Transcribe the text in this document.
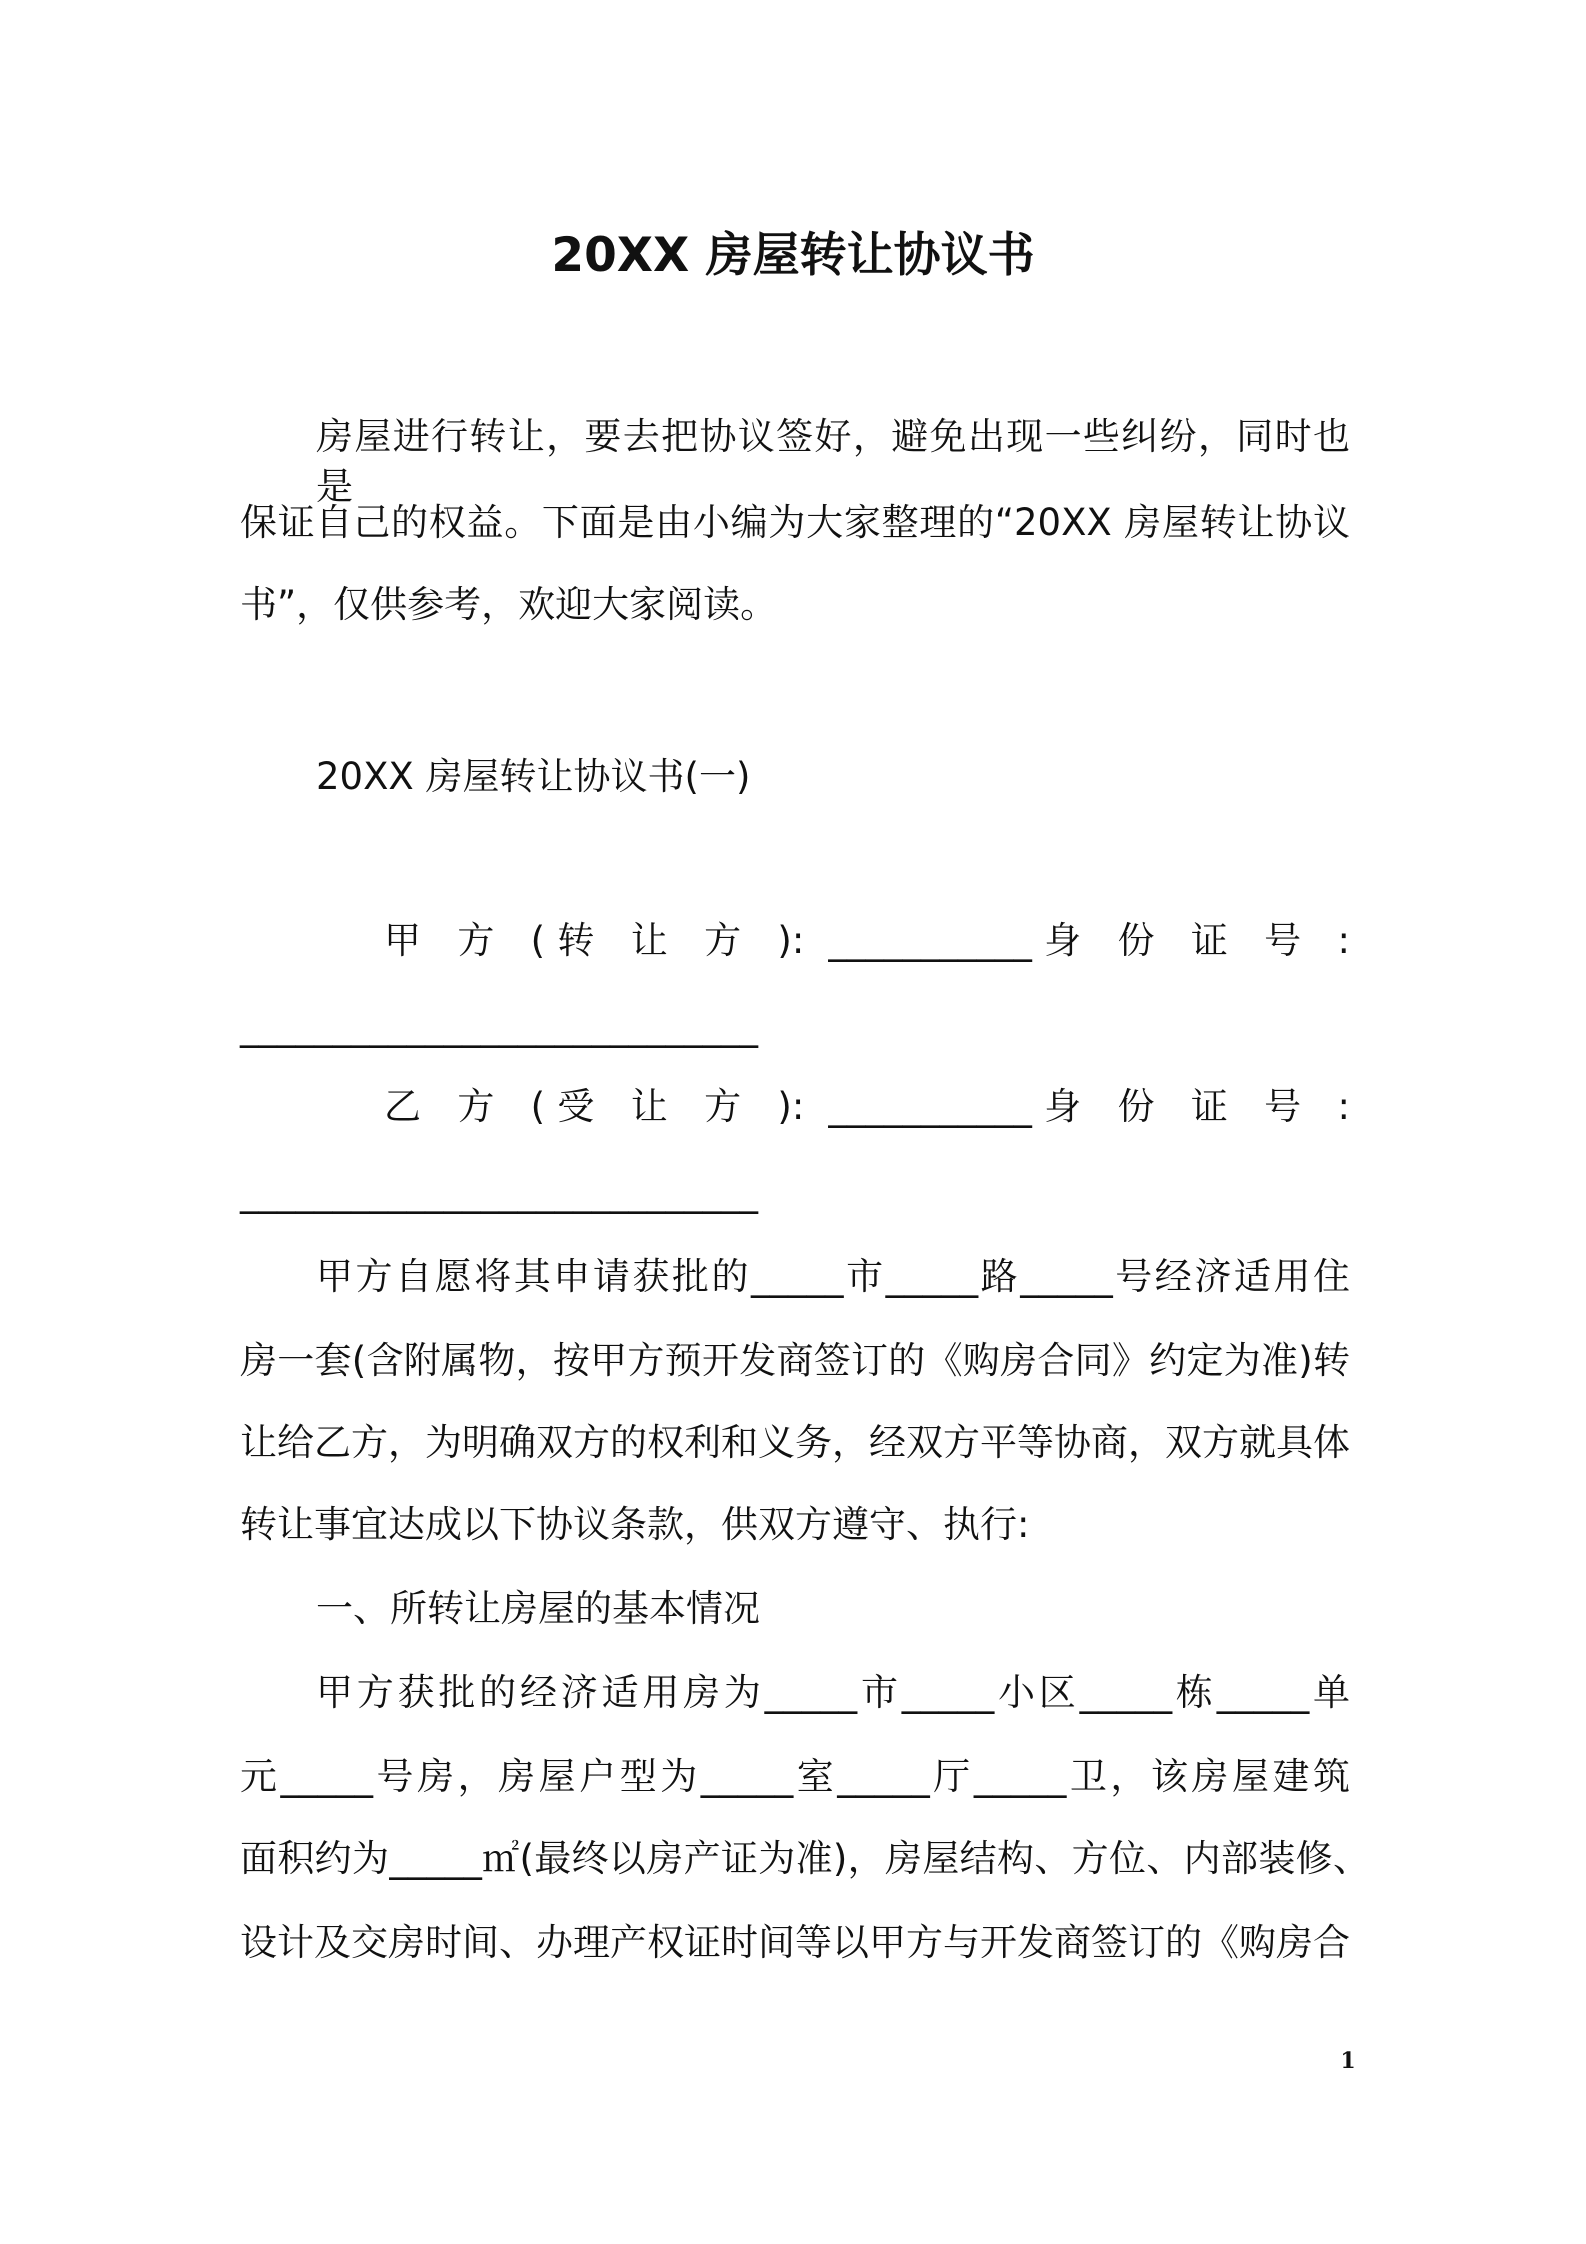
20XX 房屋转让协议书
房屋进行转让，要去把协议签好，避免出现一些纠纷，同时也是
保证自己的权益。下面是由小编为大家整理的“20XX 房屋转让协议
书”，仅供参考，欢迎大家阅读。
20XX 房屋转让协议书(一)
甲 方 (转 让 方 ): ___________身 份 证 号 :
____________________________
乙 方 (受 让 方 ): ___________身 份 证 号 :
____________________________
甲方自愿将其申请获批的_____市_____路_____号经济适用住
房一套(含附属物，按甲方预开发商签订的《购房合同》约定为准)转
让给乙方，为明确双方的权利和义务，经双方平等协商，双方就具体
转让事宜达成以下协议条款，供双方遵守、执行:
一、所转让房屋的基本情况
甲方获批的经济适用房为_____市_____小区_____栋_____单
元_____号房，房屋户型为_____室_____厅_____卫，该房屋建筑
面积约为_____㎡(最终以房产证为准)，房屋结构、方位、内部装修、
设计及交房时间、办理产权证时间等以甲方与开发商签订的《购房合
1
